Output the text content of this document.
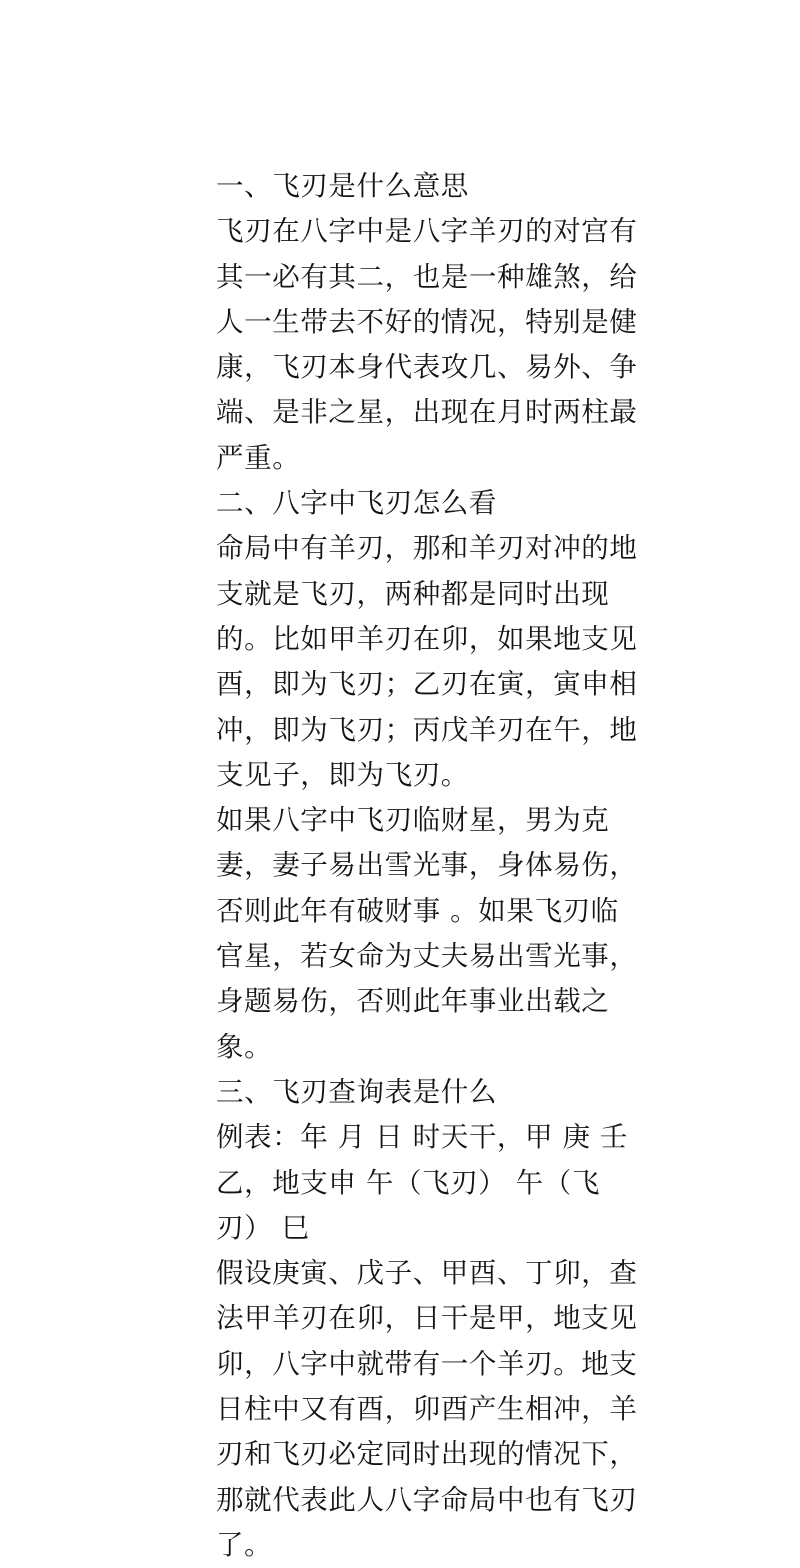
一、飞刃是什么意思
飞刃在八字中是八字羊刃的对宫有
其一必有其二，也是一种雄煞，给
人一生带去不好的情况，特别是健
康，飞刃本身代表攻几、易外、争
端、是非之星，出现在月时两柱最
严重。
二、八字中飞刃怎么看
命局中有羊刃，那和羊刃对冲的地
支就是飞刃，两种都是同时出现
的。比如甲羊刃在卯，如果地支见
酉，即为飞刃；乙刃在寅，寅申相
冲，即为飞刃；丙戊羊刃在午，地
支见子，即为飞刃。
如果八字中飞刃临财星，男为克
妻，妻子易出雪光事，身体易伤，
否则此年有破财事 。如果飞刃临
官星，若女命为丈夫易出雪光事，
身题易伤，否则此年事业出载之
象。
三、飞刃查询表是什么
例表：年 月 日 时天干，甲 庚 壬
乙，地支申 午（飞刃） 午（飞
刃） 巳
假设庚寅、戊子、甲酉、丁卯，查
法甲羊刃在卯，日干是甲，地支见
卯，八字中就带有一个羊刃。地支
日柱中又有酉，卯酉产生相冲，羊
刃和飞刃必定同时出现的情况下，
那就代表此人八字命局中也有飞刃
了。
